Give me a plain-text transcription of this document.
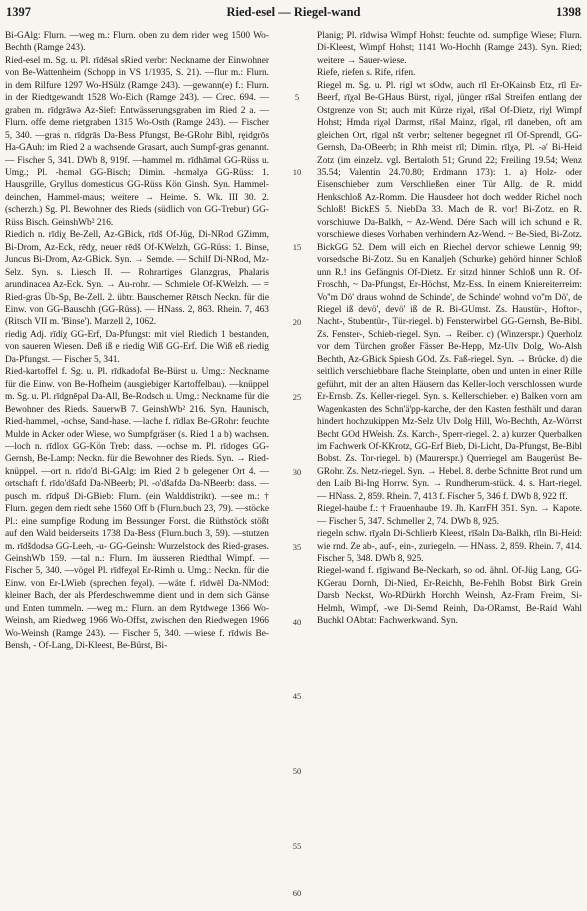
1397	Ried-esel — Riegel-wand	1398

Bi-GAlg: Flurn. —weg m.: Flurn. oben zu dem rider weg 1500 Wo-Bechth (Ramge 243).

Ried-esel m. Sg. u. Pl. rīdēsəl sRied verbr: Neckname der Einwohner von Be-Wattenheim (Schopp in VS 1/1935, S. 21). —flur m.: Flurn. in dem Rilfure 1297 Wo-HSülz (Ramge 243). —gewann(e) f.: Flurn. in der Riedtgewandt 1528 Wo-Eich (Ramge 243). — Crec. 694. —graben m. rīdgrāwə Az-Sief: Entwässerungsgraben im Ried 2 a. — Flurn. offe deme rietgraben 1315 Wo-Osth (Ramge 243). — Fischer 5, 340. —gras n. rīdgrās Da-Bess Pfungst, Be-GRohr Bibl, ręidgrōs Ha-GAuh: im Ried 2 a wachsende Grasart, auch Sumpf-gras genannt. — Fischer 5, 341. DWb 8, 919f. —hammel m. rīdhāməl GG-Rüss u. Umg.; Pl. -hɛməl GG-Bisch; Dimin. -hɛmǝlχə GG-Rüss: 1. Hausgrille, Gryllus domesticus GG-Rüss Kön Ginsh. Syn. Hammel-deinchen, Hammel-maus; weitere → Heime. S. Wk. III 30. 2. (scherzh.) Sg. Pl. Bewohner des Rieds (südlich von GG-Trebur) GG-Rüss Bisch. GeinshWb² 216.

Riedich n. rīdiχ Be-Zell, Az-GBick, rīdš Of-Jüg, Di-NRod GZimm, Bi-Drom, Az-Eck, rēdχ, neuer rēdš Of-KWelzh, GG-Rüss: 1. Binse, Juncus Bi-Drom, Az-GBick. Syn. → Semde. — Schilf Di-NRod, Mz-Selz. Syn. s. Liesch II. — Rohrartiges Glanzgras, Phalaris arundinacea Az-Eck. Syn. → Au-rohr. — Schmiele Of-KWelzh. — = Ried-gras Üb-Sp, Be-Zell. 2. übtr. Bauschemer Rētsch Neckn. für die Einw. von GG-Bauschh (GG-Rüss). — HNass. 2, 863. Rhein. 7, 463 (Ritsch VII m. 'Binse'). Marzell 2, 1062.

riedig Adj. rīdiχ GG-Erf, Da-Pfungst: mit viel Riedich 1 bestanden, von saueren Wiesen. Deß iß e riedig Wiß GG-Erf. Die Wiß eß riedig Da-Pfungst. — Fischer 5, 341.

Ried-kartoffel f. Sg. u. Pl. rīdkadofəl Be-Bürst u. Umg.: Neckname für die Einw. von Be-Hofheim (ausgiebiger Kartoffelbau). —knüppel m. Sg. u. Pl. rīdgnēpəl Da-All, Be-Rodsch u. Umg.: Neckname für die Bewohner des Rieds. SauerwB 7. GeinshWb² 216. Syn. Haunisch, Ried-hammel, -ochse, Sand-hase. —lache f. rīdlax Be-GRohr: feuchte Mulde in Acker oder Wiese, wo Sumpfgräser (s. Ried 1 a b) wachsen. —loch n. rīdlox GG-Kön Treb: dass. —ochse m. Pl. rīdoges GG-Gernsh, Be-Lamp: Neckn. für die Bewohner des Rieds. Syn. → Ried-knüppel. —ort n. rīdo'd Bi-GAlg: im Ried 2 b gelegener Ort 4. —ortschaft f. rīdo'dšafd Da-NBeerb; Pl. -o'dšafdə Da-NBeerb: dass. —pusch m. rīdpuš Di-GBieb: Flurn. (ein Walddistrikt). —see m.: † Flurn. gegen dem riedt sehe 1560 Off b (Flurn.buch 23, 79). —stöcke Pl.: eine sumpfige Rodung im Bessunger Forst. die Rüthstöck stößt auf den Wald beiderseits 1738 Da-Bess (Flurn.buch 3, 59). —stutzen m. rīdšdodsə GG-Leeh, -u- GG-Geinsh: Wurzelstock des Ried-grases. GeinshWb 159. —tal n.: Flurn. Im äusseren Riedthal Wimpf. — Fischer 5, 340. —vögel Pl. rīdfeχəl Er-Rimh u. Umg.: Neckn. für die Einw. von Er-LWieb (sprechen feχəl). —wäte f. rīdwēl Da-NMod: kleiner Bach, der als Pferdeschwemme dient und in dem sich Gänse und Enten tummeln. —weg m.: Flurn. an dem Rytdwege 1366 Wo-Weinsh, am Riedweg 1966 Wo-Offst, zwischen den Riedwegen 1966 Wo-Weinsh (Ramge 243). — Fischer 5, 340. —wiese f. rīdwis Be-Bensh, - Of-Lang, Di-Kleest, Be-Bürst, Bi-

5
10
15
20
25
30
35
40
45
50
55
60

Planig; Pl. rīdwisə Wimpf Hohst: feuchte od. sumpfige Wiese; Flurn. Di-Kleest, Wimpf Hohst; 1141 Wo-Hochh (Ramge 243). Syn. Ried; weitere → Sauer-wiese.

Riefe, riefen s. Rife, rifen.

Riegel m. Sg. u. Pl. rigl wt sOdw, auch rīl Er-OKainsb Etz, rīl Er-Beerf, rīχəl Be-GHaus Bürst, riχəl, jünger rīšəl Streifen entlang der Ostgrenze von St; auch mit Kürze riχəl, rīšəl Of-Dietz, riχl Wimpf Hohst; Hmda riχəl Darmst, rīšəl Mainz, rīgəl, rīl daneben, oft am gleichen Ort, rīgəl nšt verbr; seltener begegnet rīl Of-Sprendl, GG-Gernsh, Da-OBeerb; in Rhh meist rīl; Dimin. rīlχə, Pl. -ə' Bi-Heid Zotz (im einzelz. vgl. Bertaloth 51; Grund 22; Freiling 19.54; Wenz 35.54; Valentin 24.70.80; Erdmann 173): 1. a) Holz- oder Eisenschieber zum Verschließen einer Tür Allg. de R. midd Henkschloß Az-Romm. Die Hausdeer hot doch wedder Richel noch Schloß! BickES 5. NiebDa 33. Mach de R. vor! Bi-Zotz. en R. vorschiuwe Da-Balkh, ~ Az-Wend. Dére Sach will ich schund e R. vorschiewe dieses Vorhaben verhindern Az-Wend. ~ Be-Sied, Bi-Zotz. BickGG 52. Dem will eich en Riechel dervor schiewe Lennig 99; vorsedsche Bi-Zotz. Su en Kanaljeh (Schurke) gehörd hinner Schloß unn R.! ins Gefängnis Of-Dietz. Er sitzd hinner Schloß unn R. Of-Froschh, ~ Da-Pfungst, Er-Höchst, Mz-Ess. In einem Kniereiterreim: Vo''m Dö' draus wohnd de Schinde', de Schinde' wohnd vo''m Dö', de Riegel iß devö', devö' iß de R. Bi-GUmst. Zs. Haustür-, Hoftor-, Nacht-, Stubentür-, Tür-riegel. b) Fensterwirbel GG-Gernsh, Be-Bibl. Zs. Fenster-, Schieb-riegel. Syn. → Reiber. c) (Winzerspr.) Querholz vor dem Türchen großer Fässer Be-Hepp, Mz-Ulv Dolg, Wo-Alsh Bechth, Az-GBick Spiesh GOd. Zs. Faß-riegel. Syn. → Brücke. d) die seitlich verschiebbare flache Steinplatte, oben und unten in einer Rille geführt, mit der an alten Häusern das Keller-loch verschlossen wurde Er-Ernsb. Zs. Keller-riegel. Syn. s. Kellerschieber. e) Balken vorn am Wagenkasten des Schn'ä'pp-karche, der den Kasten festhält und daran hindert hochzukippen Mz-Selz Ulv Dolg Hill, Wo-Bechth, Az-Wörrst Becht GOd HWeish. Zs. Karch-, Sperr-riegel. 2. a) kurzer Querbalken im Fachwerk Of-KKrotz, GG-Erf Bieb, Di-Licht, Da-Pfungst, Be-Bibl Bobst. Zs. Tor-riegel. b) (Maurerspr.) Querriegel am Baugerüst Be-GRohr. Zs. Netz-riegel. Syn. → Hebel. 8. derbe Schnitte Brot rund um den Laib Bi-Ing Horrw. Syn. → Rundherum-stück. 4. s. Hart-riegel. — HNass. 2, 859. Rhein. 7, 413 f. Fischer 5, 346 f. DWb 8, 922 ff.

Riegel-haube f.: † Frauenhaube 19. Jh. KarrFH 351. Syn. → Kapote. — Fischer 5, 347. Schmeller 2, 74. DWb 8, 925.

riegeln schw. rīχəln Di-Schlierb Kleest, rīšəln Da-Balkh, rīln Bi-Heid: wie rnd. Ze ab-, auf-, ein-, zuriegeln. — HNass. 2, 859. Rhein. 7, 414. Fischer 5, 348. DWb 8, 925.

Riegel-wand f. rīgiwand Be-Neckarh, so od. ähnl. Of-Jüg Lang, GG-KGerau Dornh, Di-Nied, Er-Reichh, Be-Fehlh Bobst Birk Grein Darsb Neckst, Wo-RDürkh Horchh Weinsh, Az-Fram Freim, Si-Helmh, Wimpf, -we Di-Semd Reinh, Da-ORamst, Be-Raid Wahl Buchkl OAbtat: Fachwerkwand. Syn.
